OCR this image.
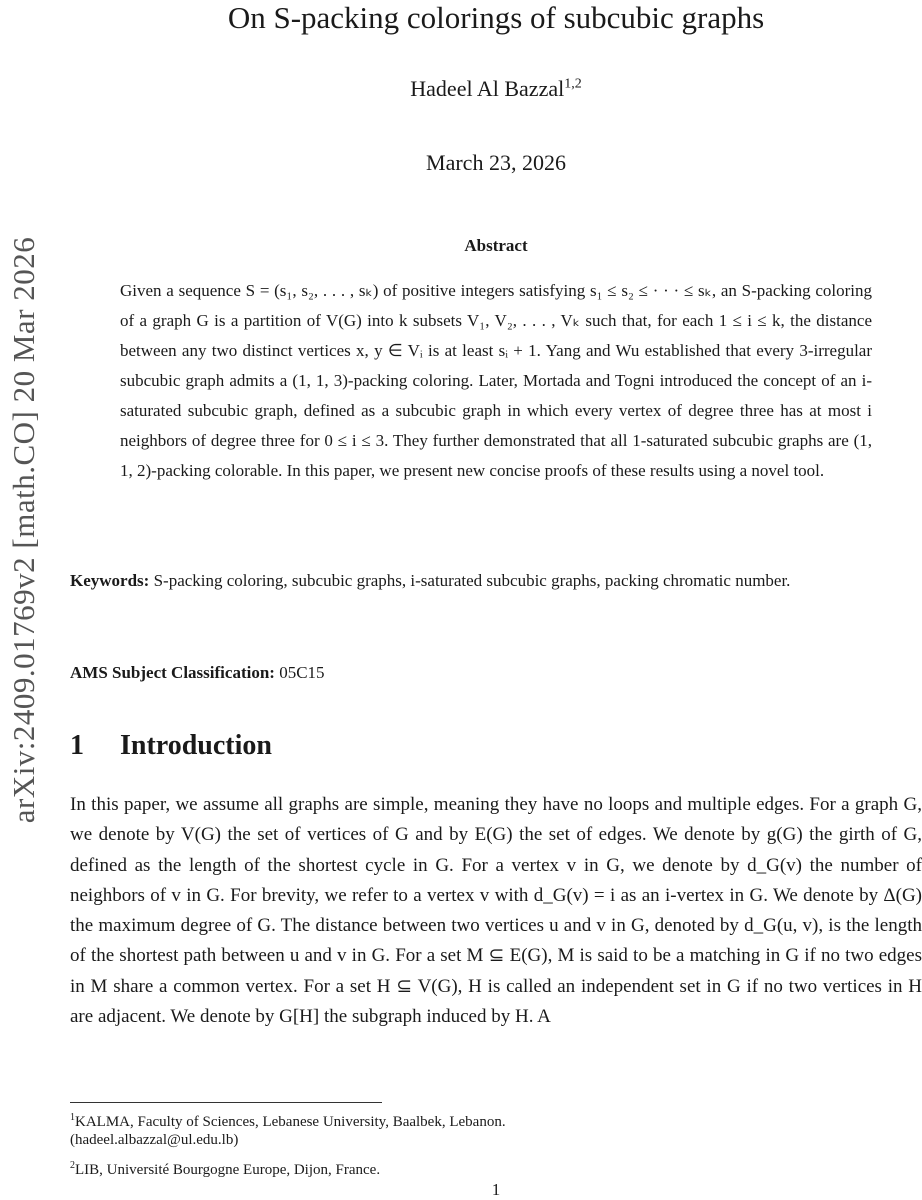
arXiv:2409.01769v2 [math.CO] 20 Mar 2026
On S-packing colorings of subcubic graphs
Hadeel Al Bazzal$^{1,2}$
March 23, 2026
Abstract
Given a sequence S = (s₁, s₂, . . . , sₖ) of positive integers satisfying s₁ ≤ s₂ ≤ · · · ≤ sₖ, an S-packing coloring of a graph G is a partition of V(G) into k subsets V₁, V₂, . . . , Vₖ such that, for each 1 ≤ i ≤ k, the distance between any two distinct vertices x, y ∈ Vᵢ is at least sᵢ + 1. Yang and Wu established that every 3-irregular subcubic graph admits a (1, 1, 3)-packing coloring. Later, Mortada and Togni introduced the concept of an i-saturated subcubic graph, defined as a subcubic graph in which every vertex of degree three has at most i neighbors of degree three for 0 ≤ i ≤ 3. They further demonstrated that all 1-saturated subcubic graphs are (1, 1, 2)-packing colorable. In this paper, we present new concise proofs of these results using a novel tool.
Keywords: S-packing coloring, subcubic graphs, i-saturated subcubic graphs, packing chromatic number.
AMS Subject Classification: 05C15
1 Introduction
In this paper, we assume all graphs are simple, meaning they have no loops and multiple edges. For a graph G, we denote by V(G) the set of vertices of G and by E(G) the set of edges. We denote by g(G) the girth of G, defined as the length of the shortest cycle in G. For a vertex v in G, we denote by d_G(v) the number of neighbors of v in G. For brevity, we refer to a vertex v with d_G(v) = i as an i-vertex in G. We denote by Δ(G) the maximum degree of G. The distance between two vertices u and v in G, denoted by d_G(u, v), is the length of the shortest path between u and v in G. For a set M ⊆ E(G), M is said to be a matching in G if no two edges in M share a common vertex. For a set H ⊆ V(G), H is called an independent set in G if no two vertices in H are adjacent. We denote by G[H] the subgraph induced by H. A
$^1$KALMA, Faculty of Sciences, Lebanese University, Baalbek, Lebanon.
(hadeel.albazzal@ul.edu.lb)
$^2$LIB, Université Bourgogne Europe, Dijon, France.
1
